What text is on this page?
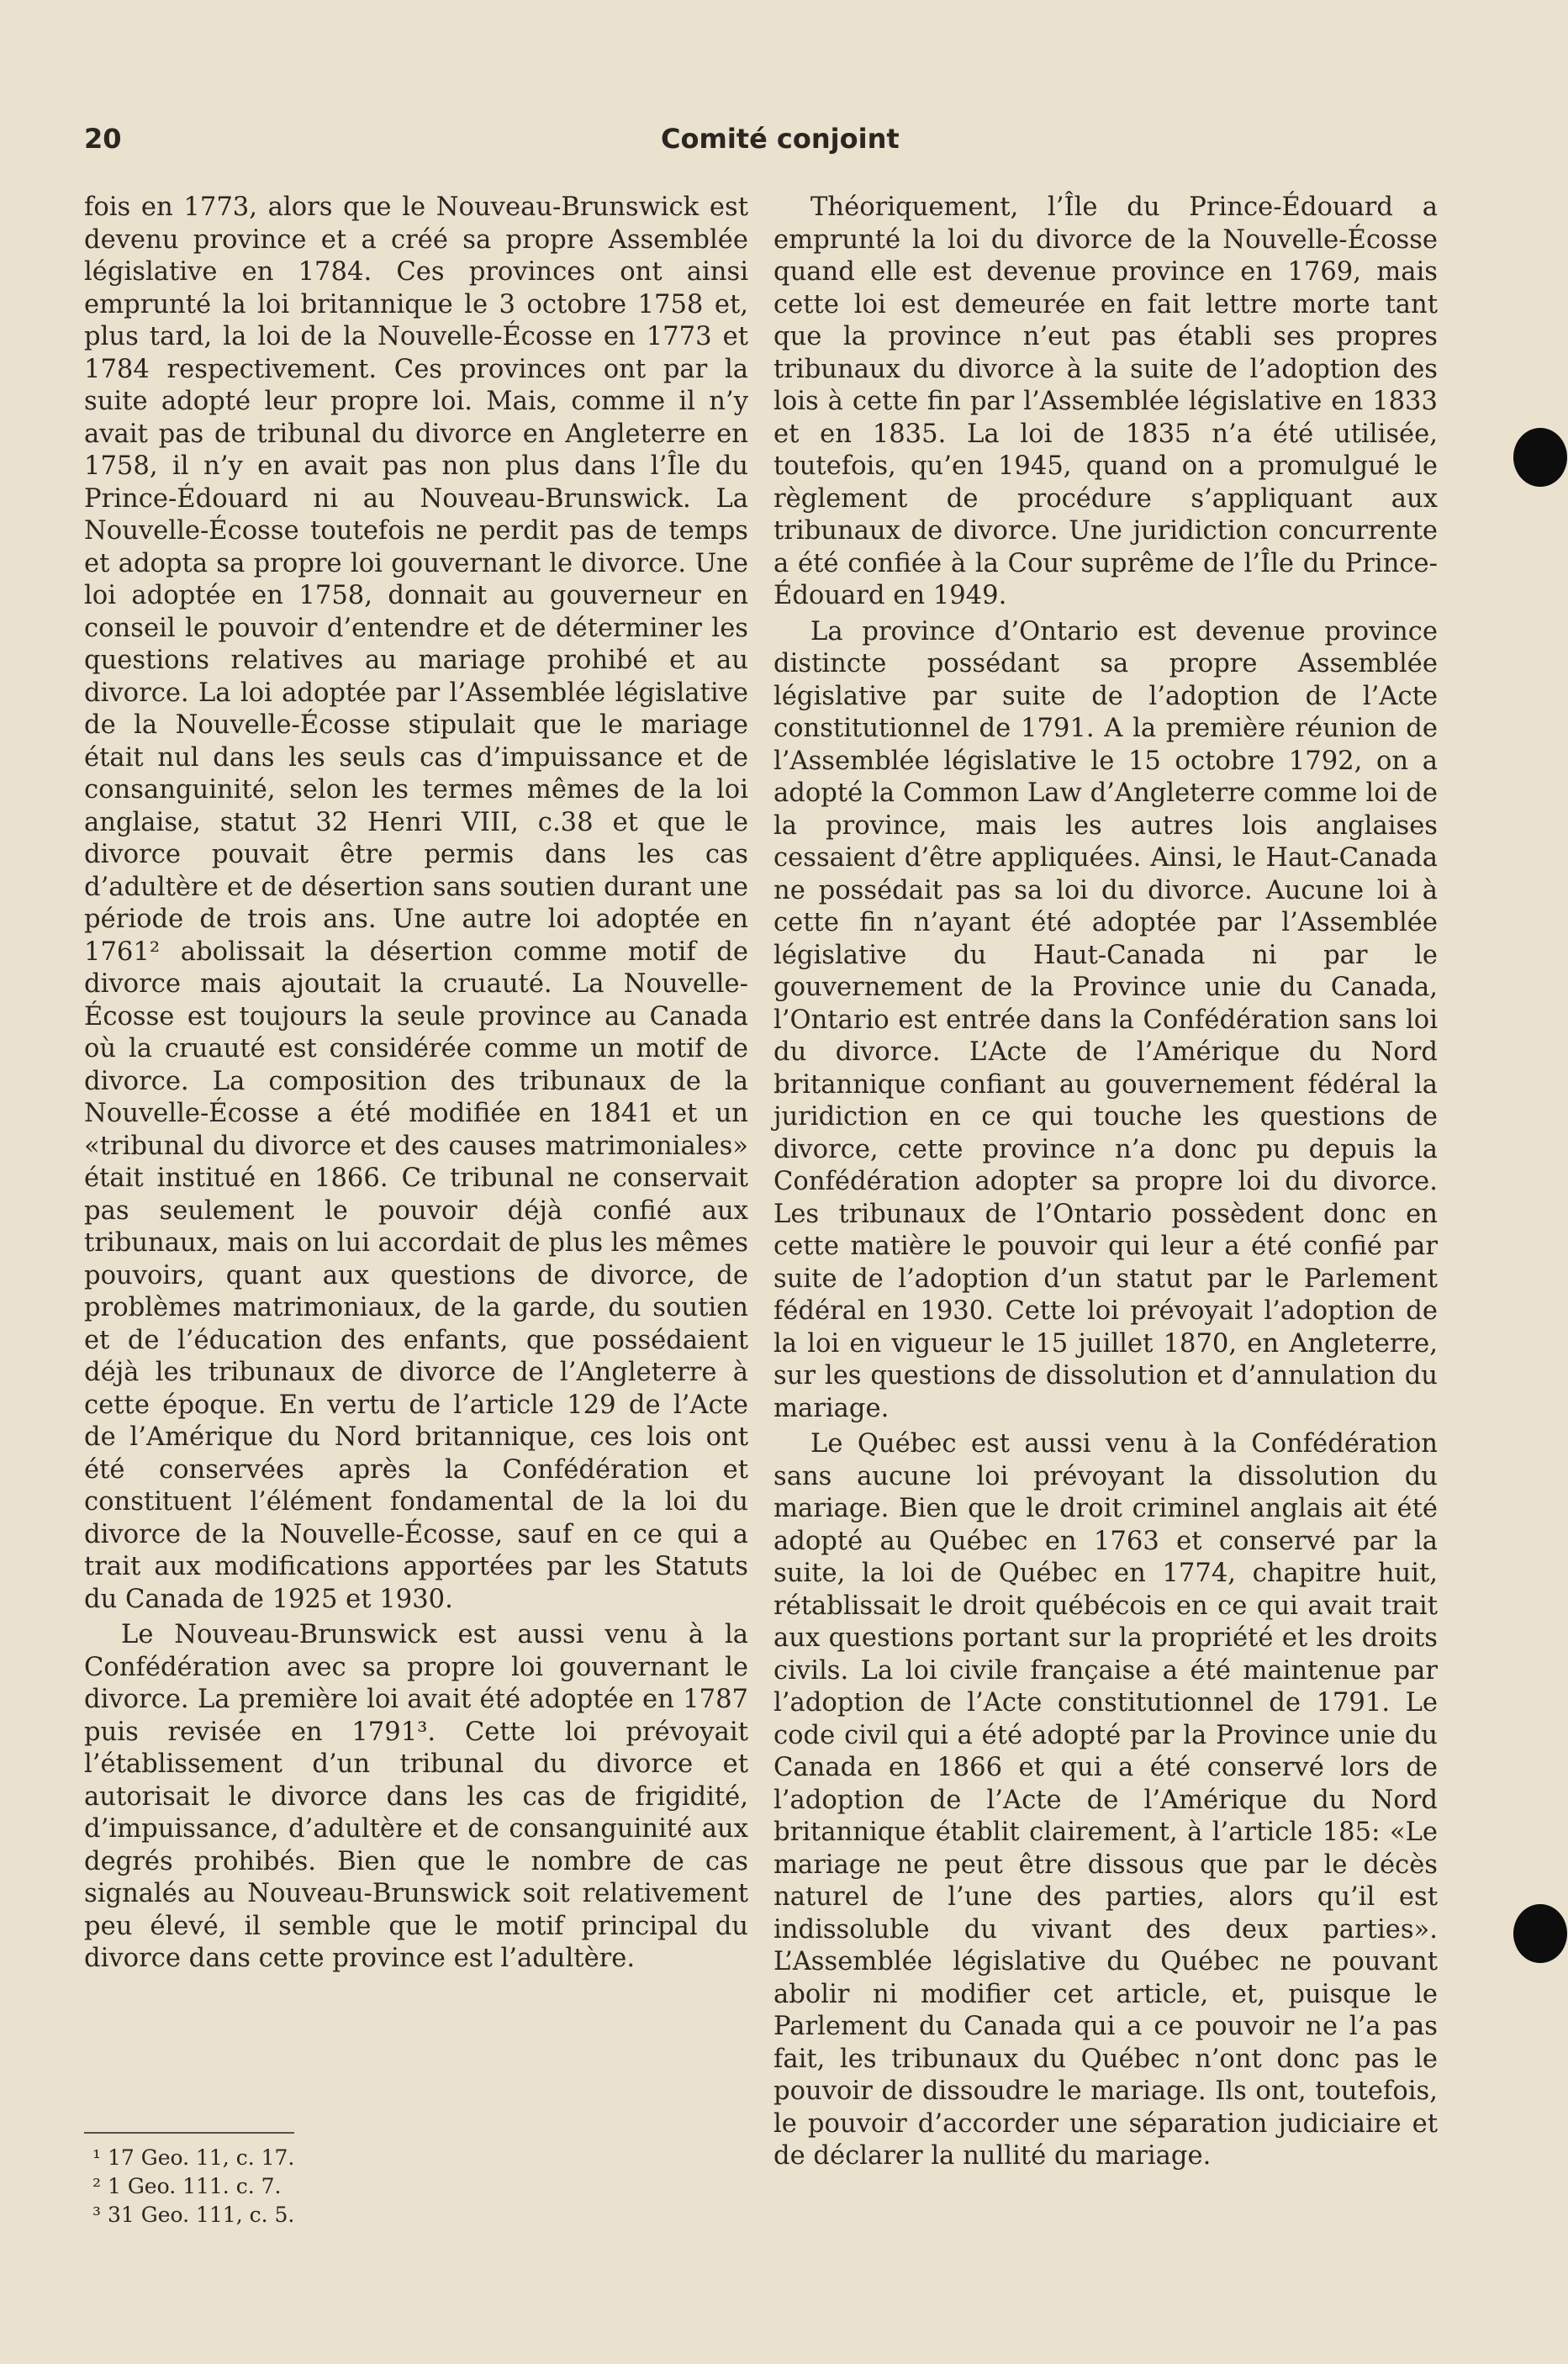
20	Comité conjoint

fois en 1773, alors que le Nouveau-Brunswick est devenu province et a créé sa propre Assemblée législative en 1784. Ces provinces ont ainsi emprunté la loi britannique le 3 octobre 1758 et, plus tard, la loi de la Nouvelle-Écosse en 1773 et 1784 respectivement. Ces provinces ont par la suite adopté leur propre loi. Mais, comme il n’y avait pas de tribunal du divorce en Angleterre en 1758, il n’y en avait pas non plus dans l’Île du Prince-Édouard ni au Nouveau-Brunswick. La Nouvelle-Écosse toutefois ne perdit pas de temps et adopta sa propre loi gouvernant le divorce. Une loi adoptée en 1758, donnait au gouverneur en conseil le pouvoir d’entendre et de déterminer les questions relatives au mariage prohibé et au divorce. La loi adoptée par l’Assemblée législative de la Nouvelle-Écosse stipulait que le mariage était nul dans les seuls cas d’impuissance et de consanguinité, selon les termes mêmes de la loi anglaise, statut 32 Henri VIII, c.38 et que le divorce pouvait être permis dans les cas d’adultère et de désertion sans soutien durant une période de trois ans. Une autre loi adoptée en 1761² abolissait la désertion comme motif de divorce mais ajoutait la cruauté. La Nouvelle-Écosse est toujours la seule province au Canada où la cruauté est considérée comme un motif de divorce. La composition des tribunaux de la Nouvelle-Écosse a été modifiée en 1841 et un «tribunal du divorce et des causes matrimoniales» était institué en 1866. Ce tribunal ne conservait pas seulement le pouvoir déjà confié aux tribunaux, mais on lui accordait de plus les mêmes pouvoirs, quant aux questions de divorce, de problèmes matrimoniaux, de la garde, du soutien et de l’éducation des enfants, que possédaient déjà les tribunaux de divorce de l’Angleterre à cette époque. En vertu de l’article 129 de l’Acte de l’Amérique du Nord britannique, ces lois ont été conservées après la Confédération et constituent l’élément fondamental de la loi du divorce de la Nouvelle-Écosse, sauf en ce qui a trait aux modifications apportées par les Statuts du Canada de 1925 et 1930.

Le Nouveau-Brunswick est aussi venu à la Confédération avec sa propre loi gouvernant le divorce. La première loi avait été adoptée en 1787 puis revisée en 1791³. Cette loi prévoyait l’établissement d’un tribunal du divorce et autorisait le divorce dans les cas de frigidité, d’impuissance, d’adultère et de consanguinité aux degrés prohibés. Bien que le nombre de cas signalés au Nouveau-Brunswick soit relativement peu élevé, il semble que le motif principal du divorce dans cette province est l’adultère.

Théoriquement, l’Île du Prince-Édouard a emprunté la loi du divorce de la Nouvelle-Écosse quand elle est devenue province en 1769, mais cette loi est demeurée en fait lettre morte tant que la province n’eut pas établi ses propres tribunaux du divorce à la suite de l’adoption des lois à cette fin par l’Assemblée législative en 1833 et en 1835. La loi de 1835 n’a été utilisée, toutefois, qu’en 1945, quand on a promulgué le règlement de procédure s’appliquant aux tribunaux de divorce. Une juridiction concurrente a été confiée à la Cour suprême de l’Île du Prince-Édouard en 1949.

La province d’Ontario est devenue province distincte possédant sa propre Assemblée législative par suite de l’adoption de l’Acte constitutionnel de 1791. A la première réunion de l’Assemblée législative le 15 octobre 1792, on a adopté la Common Law d’Angleterre comme loi de la province, mais les autres lois anglaises cessaient d’être appliquées. Ainsi, le Haut-Canada ne possédait pas sa loi du divorce. Aucune loi à cette fin n’ayant été adoptée par l’Assemblée législative du Haut-Canada ni par le gouvernement de la Province unie du Canada, l’Ontario est entrée dans la Confédération sans loi du divorce. L’Acte de l’Amérique du Nord britannique confiant au gouvernement fédéral la juridiction en ce qui touche les questions de divorce, cette province n’a donc pu depuis la Confédération adopter sa propre loi du divorce. Les tribunaux de l’Ontario possèdent donc en cette matière le pouvoir qui leur a été confié par suite de l’adoption d’un statut par le Parlement fédéral en 1930. Cette loi prévoyait l’adoption de la loi en vigueur le 15 juillet 1870, en Angleterre, sur les questions de dissolution et d’annulation du mariage.

Le Québec est aussi venu à la Confédération sans aucune loi prévoyant la dissolution du mariage. Bien que le droit criminel anglais ait été adopté au Québec en 1763 et conservé par la suite, la loi de Québec en 1774, chapitre huit, rétablissait le droit québécois en ce qui avait trait aux questions portant sur la propriété et les droits civils. La loi civile française a été maintenue par l’adoption de l’Acte constitutionnel de 1791. Le code civil qui a été adopté par la Province unie du Canada en 1866 et qui a été conservé lors de l’adoption de l’Acte de l’Amérique du Nord britannique établit clairement, à l’article 185: «Le mariage ne peut être dissous que par le décès naturel de l’une des parties, alors qu’il est indissoluble du vivant des deux parties». L’Assemblée législative du Québec ne pouvant abolir ni modifier cet article, et, puisque le Parlement du Canada qui a ce pouvoir ne l’a pas fait, les tribunaux du Québec n’ont donc pas le pouvoir de dissoudre le mariage. Ils ont, toutefois, le pouvoir d’accorder une séparation judiciaire et de déclarer la nullité du mariage.

¹ 17 Geo. 11, c. 17.
² 1 Geo. 111. c. 7.
³ 31 Geo. 111, c. 5.
